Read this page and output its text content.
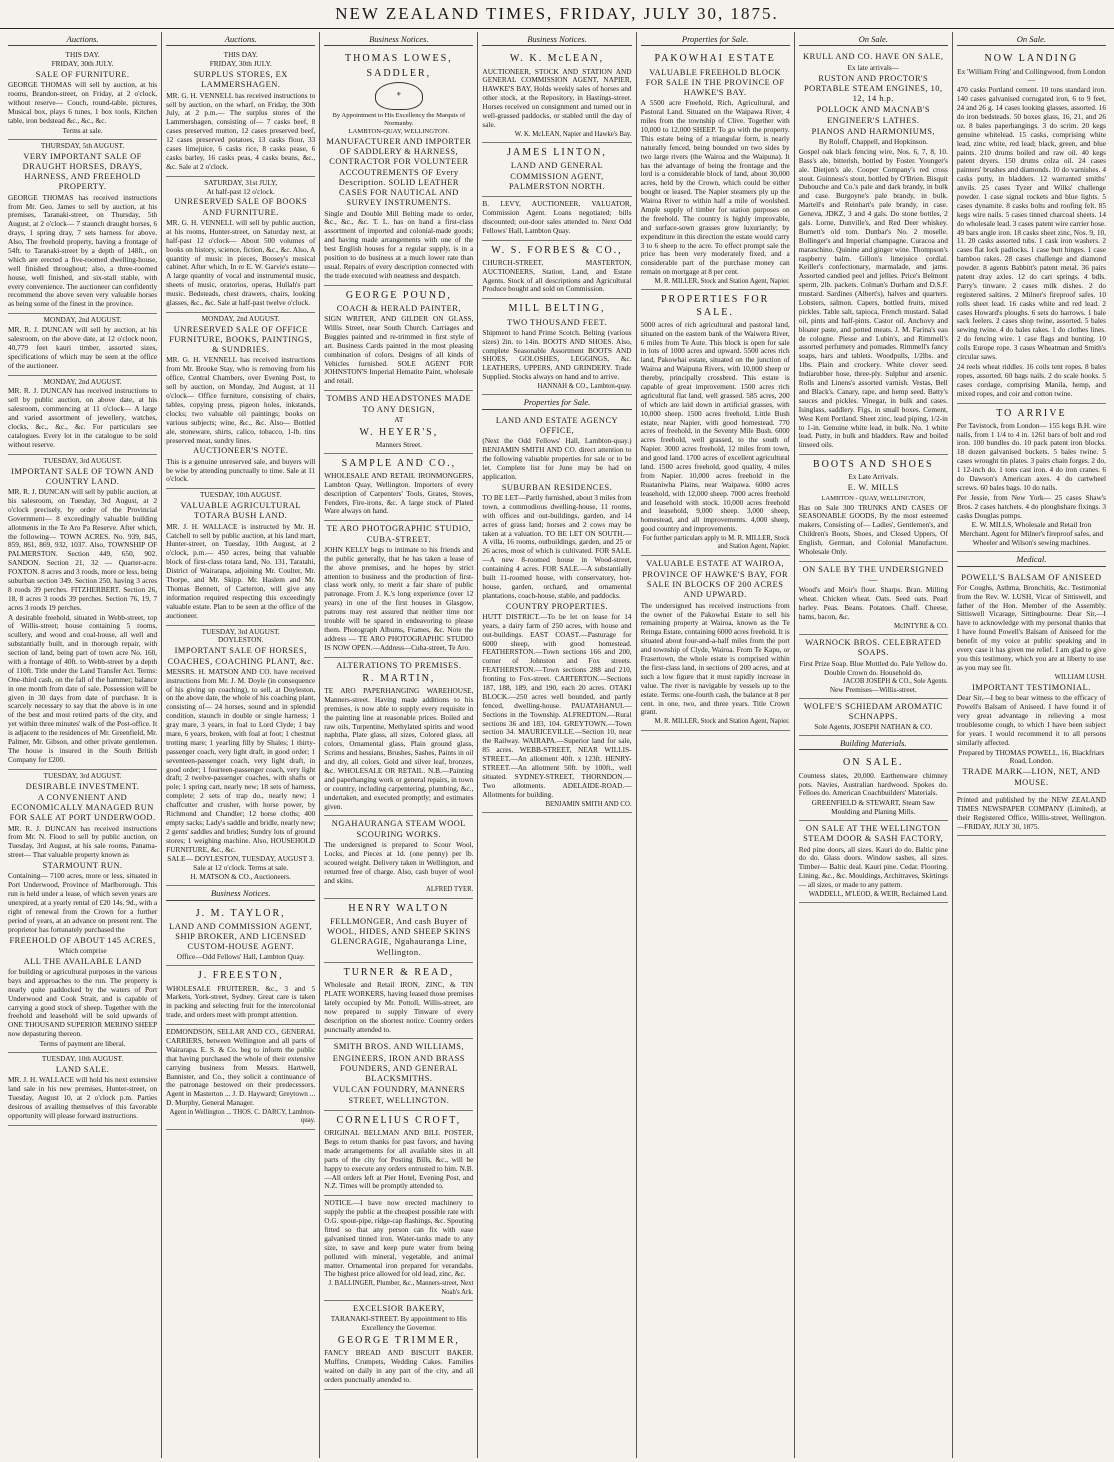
NEW ZEALAND TIMES, FRIDAY, JULY 30, 1875.
Auctions.
THIS DAY.
FRIDAY, 30th JULY.
SALE OF FURNITURE.
GEORGE THOMAS will sell by auction, at his rooms, Brandon-street, on Friday, at 2 o'clock, without reserve— Couch, round-table, pictures, Musical box, plays 6 tunes, 1 box tools, Kitchen table, iron bedstead &c., &c., &c.
Terms at sale.
THURSDAY, 5th AUGUST.
VERY IMPORTANT SALE OF DRAUGHT HORSES, DRAYS, HARNESS, AND FREEHOLD PROPERTY.
GEORGE THOMAS has received instructions from Mr. Geo. James to sell by auction, at his premises, Taranaki-street, on Thursday, 5th August, at 2 o'clock— 7 staunch draught horses, 6 drays, 1 spring dray, 7 sets harness for above. Also, The freehold property, having a frontage of 54ft. to Taranaki-street by a depth of 148ft., on which are erected a five-roomed dwelling-house, well finished throughout; also, a three-roomed house, well finished, and six-stall stable, with every convenience. The auctioneer can confidently recommend the above seven very valuable horses as being some of the finest in the province.
MONDAY, 2nd AUGUST.
MR. R. J. DUNCAN will sell by auction, at his salesroom, on the above date, at 12 o'clock noon, 40,779 feet kauri timber, assorted sizes, specifications of which may be seen at the office of the auctioneer.
MONDAY, 2nd AUGUST.
MR. R. J. DUNCAN has received instructions to sell by public auction, on above date, at his salesroom, commencing at 11 o'clock— A large and varied assortment of jewellery, watches, clocks, &c., &c., &c. For particulars see catalogues. Every lot in the catalogue to be sold without reserve.
TUESDAY, 3rd AUGUST.
IMPORTANT SALE OF TOWN AND COUNTRY LAND.
MR. R. J. DUNCAN will sell by public auction, at his salesroom, on Tuesday, 3rd August, at 2 o'clock precisely, by order of the Provincial Government— 8 exceedingly valuable building allotments in the Te Aro Pa Reserve. After which, the following— TOWN ACRES. No. 939, 845, 859, 861, 869, 932, 1037. Also, TOWNSHIP OF PALMERSTON. Section 449, 650, 902. SANDON. Section 21, 32 — Quarter-acre. FOXTON. 8 acres and 3 roods, more or less, being suburban section 349. Section 250, having 3 acres 8 roods 39 perches. FITZHERBERT. Section 26, 18, 8 acres 3 roods 39 perches. Section 76, 19, 7 acres 3 roods 19 perches.
A desirable freehold, situated in Webb-street, top of Willis-street; house containing 5 rooms, scullery, and wood and coal-house, all well and substantially built, and in thorough repair, with section of land, being part of town acre No. 160, with a frontage of 40ft. to Webb-street by a depth of 110ft. Title under the Land Transfer Act. Terms: One-third cash, on the fall of the hammer; balance in one month from date of sale. Possession will be given in 30 days from date of purchase. It is scarcely necessary to say that the above is in one of the best and most retired parts of the city, and yet within three minutes' walk of the Post-office. It is adjacent to the residences of Mr. Greenfield, Mr. Palmer, Mr. Gibson, and other private gentlemen. The house is insured in the South British Company for £200.
TUESDAY, 3rd AUGUST.
DESIRABLE INVESTMENT.
A CONVENIENT AND ECONOMICALLY MANAGED RUN FOR SALE AT PORT UNDERWOOD.
MR. R. J. DUNCAN has received instructions from Mr. N. Flood to sell by public auction, on Tuesday, 3rd August, at his sale rooms, Panama-street— That valuable property known as
STARMOUNT RUN.
Containing— 7100 acres, more or less, situated in Port Underwood, Province of Marlborough. This run is held under a lease, of which seven years are unexpired, at a yearly rental of £20 14s. 9d., with a right of renewal from the Crown for a further period of years, at an advance on present rent. The proprietor has fortunately purchased the
FREEHOLD OF ABOUT 145 ACRES,
Which comprise
ALL THE AVAILABLE LAND
for building or agricultural purposes in the various bays and approaches to the run. The property is nearly quite paddocked by the waters of Port Underwood and Cook Strait, and is capable of carrying a good stock of sheep. Together with the freehold and leasehold will be sold upwards of ONE THOUSAND SUPERIOR MERINO SHEEP now depasturing thereon.
Terms of payment are liberal.
TUESDAY, 10th AUGUST.
LAND SALE.
MR. J. H. WALLACE will hold his next extensive land sale in his new premises, Hunter-street, on Tuesday, August 10, at 2 o'clock p.m. Parties desirous of availing themselves of this favorable opportunity will please forward instructions.
Auctions.
THIS DAY.
FRIDAY, 30th JULY.
SURPLUS STORES, EX LAMMERSHAGEN.
MR. G. H. VENNELL has received instructions to sell by auction, on the wharf, on Friday, the 30th July, at 2 p.m.— The surplus stores of the Lammershagen, consisting of— 7 casks beef, 8 cases preserved mutton, 12 cases preserved beef, 12 cases preserved potatoes, 13 casks flour, 33 cases limejuice, 6 casks rice, 8 casks pease, 6 casks barley, 16 casks peas, 4 casks beans, &c., &c. Sale at 2 o'clock.
SATURDAY, 31st JULY,
At half-past 12 o'clock.
UNRESERVED SALE OF BOOKS AND FURNITURE.
MR. G. H. VENNELL will sell by public auction, at his rooms, Hunter-street, on Saturday next, at half-past 12 o'clock— About 500 volumes of books on history, science, fiction, &c., &c. Also, A quantity of music in pieces, Boosey's musical cabinet. After which, In re E. W. Garvie's estate— A large quantity of vocal and instrumental music, sheets of music, oratorios, operas, Hullah's part music. Bedsteads, chest drawers, chairs, looking glasses, &c., &c. Sale at half-past twelve o'clock.
MONDAY, 2nd AUGUST.
UNRESERVED SALE OF OFFICE FURNITURE, BOOKS, PAINTINGS, & SUNDRIES.
MR. G. H. VENNELL has received instructions from Mr. Brooke Stay, who is removing from his office, Central Chambers, over Evening Post, to sell by auction, on Monday, 2nd August, at 11 o'clock— Office furniture, consisting of chairs, tables, copying press, pigeon holes, inkstands, clocks; two valuable oil paintings; books on various subjects; wine, &c., &c. Also— Bottled ale, stoneware, shirts, calico, tobacco, 1-lb. tins preserved meat, sundry lines.
AUCTIONEER'S NOTE.
This is a genuine unreserved sale, and buyers will be wise by attending punctually to time. Sale at 11 o'clock.
TUESDAY, 10th AUGUST.
VALUABLE AGRICULTURAL TOTARA BUSH LAND.
MR. J. H. WALLACE is instructed by Mr. H. Catchell to sell by public auction, at his land mart, Hunter-street, on Tuesday, 10th August, at 2 o'clock, p.m.— 450 acres, being that valuable block of first-class totara land, No. 131, Taratahi, District of Wairarapa, adjoining Mr. Coulter, Mr. Thorpe, and Mr. Skipp. Mr. Haslem and Mr. Thomas Bennett, of Carterton, will give any information required respecting this exceedingly valuable estate. Plan to be seen at the office of the auctioneer.
TUESDAY, 3rd AUGUST.
DOYLESTON.
IMPORTANT SALE OF HORSES, COACHES, COACHING PLANT, &c.
MESSRS. H. MATSON AND CO. have received instructions from Mr. J. M. Doyle (in consequence of his giving up coaching), to sell, at Doyleston, on the above date, the whole of his coaching plant, consisting of— 24 horses, sound and in splendid condition, staunch in double or single harness; 1 gray mare, 3 years, in foal to Lord Clyde; 1 bay mare, 6 years, broken, with foal at foot; 1 chestnut trotting mare; 1 yearling filly by Shales; 1 thirty-passenger coach, very light draft, in good order; 1 seventeen-passenger coach, very light draft, in good order; 1 fourteen-passenger coach, very light draft; 2 twelve-passenger coaches, with shafts or pole; 1 spring cart, nearly new; 18 sets of harness, complete; 2 sets of trap do., nearly new; 1 chaffcutter and crusher, with horse power, by Richmond and Chandler; 12 horse cloths; 400 empty sacks; Lady's saddle and bridle, nearly new; 2 gents' saddles and bridles; Sundry lots of ground stores; 1 weighing machine. Also, HOUSEHOLD FURNITURE, &c., &c.
SALE— DOYLESTON, TUESDAY, AUGUST 3. Sale at 12 o'clock. Terms at sale.
H. MATSON & CO., Auctioneers.
Business Notices.
J. M. TAYLOR,
LAND AND COMMISSION AGENT, SHIP BROKER, AND LICENSED CUSTOM-HOUSE AGENT.
Office—Odd Fellows' Hall, Lambton Quay.
J. FREESTON,
WHOLESALE FRUITERER, &c., 3 and 5 Markets, York-street, Sydney. Great care is taken in packing and selecting fruit for the intercolonial trade, and orders meet with prompt attention.
EDMONDSON, SELLAR AND CO., GENERAL CARRIERS, between Wellington and all parts of Wairarapa. E. S. & Co. beg to inform the public that having purchased the whole of their extensive carrying business from Messrs. Hartwell, Bannister, and Co., they solicit a continuance of the patronage bestowed on their predecessors. Agent in Masterton ... J. D. Hayward; Greytown ... D. Murphy, General Manager.
Agent in Wellington ... THOS. C. DARCY, Lambton-quay.
Business Notices.
THOMAS LOWES,
SADDLER,
⚜
By Appointment to His Excellency the Marquis of Normanby.
LAMBTON-QUAY, WELLINGTON.
MANUFACTURER AND IMPORTER OF SADDLERY & HARNESS, CONTRACTOR FOR VOLUNTEER ACCOUTREMENTS OF Every Description. SOLID LEATHER CASES FOR NAUTICAL AND SURVEY INSTRUMENTS.
Single and Double Mill Belting made to order, &c., &c., &c. T. L. has on hand a first-class assortment of imported and colonial-made goods; and having made arrangements with one of the best English houses for a regular supply, is in a position to do business at a much lower rate than usual. Repairs of every description connected with the trade executed with neatness and despatch.
GEORGE POUND,
COACH & HERALD PAINTER,
SIGN WRITER, AND GILDER ON GLASS, Willis Street, near South Church. Carriages and Buggies painted and re-trimmed in first style of art. Business Cards painted in the most pleasing combination of colors. Designs of all kinds of Vehicles furnished. SOLE AGENT FOR JOHNSTON'S Imperial Hematite Paint, wholesale and retail.
TOMBS AND HEADSTONES MADE TO ANY DESIGN,
AT
W. HEYER'S,
Manners Street.
SAMPLE AND CO.,
WHOLESALE AND RETAIL IRONMONGERS, Lambton Quay, Wellington. Importers of every description of Carpenters' Tools, Grates, Stoves, Fenders, Fire-irons, &c. A large stock of Plated Ware always on hand.
TE ARO PHOTOGRAPHIC STUDIO, CUBA-STREET.
JOHN KELLY begs to intimate to his friends and the public generally, that he has taken a lease of the above premises, and he hopes by strict attention to business and the production of first-class work only, to merit a fair share of public patronage. From J. K.'s long experience (over 12 years) in one of the first houses in Glasgow, patrons may rest assured that neither time nor trouble will be spared in endeavoring to please them. Photograph Albums, Frames, &c. Note the address — TE ARO PHOTOGRAPHIC STUDIO IS NOW OPEN.—Address—Cuba-street, Te Aro.
ALTERATIONS TO PREMISES.
R. MARTIN,
TE ARO PAPERHANGING WAREHOUSE, Manners-street. Having made additions to his premises, is now able to supply every requisite in the painting line at reasonable prices. Boiled and raw oils, Turpentine, Methylated spirits and wood naphtha, Plate glass, all sizes, Colored glass, all colors, Ornamental glass, Plain ground glass, Scrims and hessians, Brushes, Sashes, Paints in oil and dry, all colors, Gold and silver leaf, bronzes, &c. WHOLESALE OR RETAIL. N.B.—Painting and paperhanging work or general repairs, in town or country, including carpentering, plumbing, &c., undertaken, and executed promptly; and estimates given.
NGAHAURANGA STEAM WOOL SCOURING WORKS.
The undersigned is prepared to Scour Wool, Locks, and Pieces at 1d. (one penny) per lb. scoured weight. Delivery taken in Wellington, and returned free of charge. Also, cash buyer of wool and skins.
ALFRED TYER.
HENRY WALTON
FELLMONGER, And cash Buyer of WOOL, HIDES, AND SHEEP SKINS GLENCRAGIE, Ngahauranga Line, Wellington.
TURNER & READ,
Wholesale and Retail IRON, ZINC, & TIN PLATE WORKERS, having leased those premises lately occupied by Mr. Pottoll, Willis-street, are now prepared to supply Tinware of every description on the shortest notice. Country orders punctually attended to.
SMITH BROS. AND WILLIAMS,
ENGINEERS, IRON AND BRASS FOUNDERS, AND GENERAL BLACKSMITHS.
VULCAN FOUNDRY, MANNERS STREET, WELLINGTON.
CORNELIUS CROFT,
ORIGINAL BELLMAN AND BILL POSTER, Begs to return thanks for past favors, and having made arrangements for all available sites in all parts of the city for Posting Bills, &c., will be happy to execute any orders entrusted to him. N.B.—All orders left at Pier Hotel, Evening Post, and N.Z. Times will be promptly attended to.
NOTICE.—I have now erected machinery to supply the public at the cheapest possible rate with O.G. spout-pipe, ridge-cap flashings, &c. Spouting fitted so that any person can fix with ease galvanised tinned iron. Water-tanks made to any size, to save and keep pure water from being polluted with mineral, vegetable, and animal matter. Ornamental iron prepared for verandahs. The highest price allowed for old lead, zinc, &c.
J. BALLINGER, Plumber, &c., Manners-street, Next Noah's Ark.
EXCELSIOR BAKERY,
TARANAKI-STREET. By appointment to His Excellency the Governor.
GEORGE TRIMMER,
FANCY BREAD AND BISCUIT BAKER. Muffins, Crumpets, Wedding Cakes. Families waited on daily in any part of the city, and all orders punctually attended to.
Business Notices.
W. K. McLEAN,
AUCTIONEER, STOCK AND STATION AND GENERAL COMMISSION AGENT, NAPIER, HAWKE'S BAY, Holds weekly sales of horses and other stock, at the Repository, in Hastings-street. Horses received on consignment and turned out in well-grassed paddocks, or stabled until the day of sale.
W. K. McLEAN, Napier and Hawke's Bay.
JAMES LINTON,
LAND AND GENERAL COMMISSION AGENT, PALMERSTON NORTH.
B. LEVY, AUCTIONEER, VALUATOR, Commission Agent. Loans negotiated; bills discounted; out-door sales attended to. Next Odd Fellows' Hall, Lambton Quay.
W. S. FORBES & CO.,
CHURCH-STREET, MASTERTON, AUCTIONEERS, Station, Land, and Estate Agents. Stock of all descriptions and Agricultural Produce bought and sold on Commission.
MILL BELTING,
TWO THOUSAND FEET.
Shipment to hand Prime Scotch. Belting (various sizes) 2in. to 14in. BOOTS AND SHOES. Also, complete Seasonable Assortment BOOTS AND SHOES, GOLOSHES, LEGGINGS, &c. LEATHERS, UPPERS, AND GRINDERY. Trade Supplied. Stocks always on hand and to arrive.
HANNAH & CO., Lambton-quay.
Properties for Sale.
LAND AND ESTATE AGENCY OFFICE,
(Next the Odd Fellows' Hall, Lambton-quay.) BENJAMIN SMITH AND CO. direct attention to the following valuable properties for sale or to be let. Complete list for June may be had on application.
SUBURBAN RESIDENCES.
TO BE LET—Partly furnished, about 3 miles from town, a commodious dwelling-house, 11 rooms, with offices and out-buildings, garden, and 14 acres of grass land; horses and 2 cows may be taken at a valuation. TO BE LET ON SOUTH.—A villa, 16 rooms, outbuildings, garden, and 25 or 26 acres, most of which is cultivated. FOR SALE.—A new 8-roomed house in Wood-street, containing 4 acres. FOR SALE.—A substantially built 11-roomed house, with conservatory, hot-house, garden, orchard, and ornamental plantations, coach-house, stable, and paddocks.
COUNTRY PROPERTIES.
HUTT DISTRICT.—To be let on lease for 14 years, a dairy farm of 250 acres, with house and out-buildings. EAST COAST.—Pasturage for 6000 sheep, with good homestead. FEATHERSTON.—Town sections 166 and 200, corner of Johnston and Fox streets. FEATHERSTON.—Town sections 288 and 210, fronting to Fox-street. CARTERTON.—Sections 187, 188, 189, and 190, each 20 acres. OTAKI BLOCK.—250 acres well bounded, and partly fenced, dwelling-house. PAUATAHANUI.—Sections in the Township. ALFREDTON.—Rural sections 36 and 183, 104. GREYTOWN.—Town section 34. MAURICEVILLE.—Section 10, near the Railway. WAIRAPA.—Superior land for sale, 85 acres. WEBB-STREET, NEAR WILLIS-STREET.—An allotment 40ft. x 123ft. HENRY-STREET.—An allotment 50ft. by 100ft., well situated. SYDNEY-STREET, THORNDON.—Two allotments. ADELAIDE-ROAD.—Allotments for building.
BENJAMIN SMITH AND CO.
Properties for Sale.
PAKOWHAI ESTATE
VALUABLE FREEHOLD BLOCK FOR SALE IN THE PROVINCE OF HAWKE'S BAY.
A 5500 acre Freehold, Rich, Agricultural, and Pastoral Land. Situated on the Waipawa River, 4 miles from the township of Clive. Together with 10,000 to 12,000 SHEEP. To go with the property. This estate being of a triangular form, is nearly naturally fenced, being bounded on two sides by two large rivers (the Wairoa and the Waipuna). It has the advantage of being the frontage and the lord is a considerable block of land, about 30,000 acres, held by the Crown, which could be either bought or leased. The Napier steamers ply up the Wairoa River to within half a mile of woolshed. Ample supply of timber for station purposes on the freehold. The country is highly improvable, and surface-sown grasses grow luxuriantly; by expenditure in this direction the estate would carry 3 to 6 sheep to the acre. To effect prompt sale the price has been very moderately fixed, and a considerable part of the purchase money can remain on mortgage at 8 per cent.
M. R. MILLER, Stock and Station Agent, Napier.
PROPERTIES FOR SALE.
5000 acres of rich agricultural and pastoral land, situated on the eastern bank of the Waiwera River, 6 miles from Te Aute. This block is open for sale in lots of 1000 acres and upward. 5500 acres rich land, Pakowhai estate, situated on the junction of Wairoa and Waipuna Rivers, with 10,000 sheep or thereby, principally crossbred. This estate is capable of great improvement. 1500 acres rich agricultural flat land, well grassed. 585 acres, 200 of which are laid down in artificial grasses, with 10,000 sheep. 1500 acres freehold, Little Bush estate, near Napier, with good homestead. 770 acres of freehold, in the Seventy Mile Bush. 6000 acres freehold, well grassed, to the south of Napier. 3000 acres freehold, 12 miles from town, and good land. 1700 acres of excellent agricultural land. 1500 acres freehold, good quality, 4 miles from Napier. 10,000 acres freehold in the Ruataniwha Plains, near Waipawa. 6000 acres leasehold, with 12,000 sheep. 7000 acres freehold and leasehold with stock. 10,000 acres freehold and leasehold, 9,000 sheep. 3,000 sheep, homestead, and all improvements. 4,000 sheep, good country and improvements.
For further particulars apply to M. R. MILLER, Stock and Station Agent, Napier.
VALUABLE ESTATE AT WAIROA,
PROVINCE OF HAWKE'S BAY, FOR SALE IN BLOCKS OF 200 ACRES AND UPWARD.
The undersigned has received instructions from the owner of the Pakowhai Estate to sell his remaining property at Wairoa, known as the Te Reinga Estate, containing 6000 acres freehold. It is situated about four-and-a-half miles from the port and township of Clyde, Wairoa. From Te Kapu, or Frasertown, the whole estate is comprised within the first-class land, in sections of 200 acres, and at such a low figure that it must rapidly increase in value. The river is navigable by vessels up to the estate. Terms: one-fourth cash, the balance at 8 per cent. in one, two, and three years. Title Crown grant.
M. R. MILLER, Stock and Station Agent, Napier.
On Sale.
KRULL AND CO. HAVE ON SALE,
Ex late arrivals—
RUSTON AND PROCTOR'S PORTABLE STEAM ENGINES, 10, 12, 14 h.p.
POLLOCK AND MACNAB'S ENGINEER'S LATHES.
PIANOS AND HARMONIUMS,
By Roloff, Chappell, and Hopkinson.
Gospel oak black fencing wire, Nos. 6, 7, 8, 10. Bass's ale, bitterish, bottled by Foster. Younger's ale. Dietjen's ale. Cooper Company's red cross stout. Guinness's stout, bottled by O'Brien. Bisquit Dubouche and Co.'s pale and dark brandy, in bulk and case. Burgoyne's pale brandy, in bulk. Martell's and Reinhart's pale brandy, in case. Geneva, JDKZ, 3 and 4 gals. Do stone bottles, 2 gals. Lorne, Dunville's, and Red Deer whiskey. Burnett's old tom. Dunbar's No. 2 moselle. Bollinger's and Imperial champagne. Curacoa and maraschino. Quinine and ginger wine. Thompson's raspberry balm. Gillon's limejuice cordial. Keiller's confectionary, marmalade, and jams. Assorted candied peel and jellies. Price's Belmont sperm, 2lb. packets. Colman's Durham and D.S.F. mustard. Sardines (Albert's), halves and quarters. Lobsters, salmon. Capers, bottled fruits, mixed pickles. Table salt, tapioca, French mustard. Salad oil, pints and half-pints. Castor oil. Anchovy and bloater paste, and potted meats. J. M. Farina's eau de cologne. Piesse and Lubin's, and Rimmell's assorted perfumery and pomades. Rimmell's fancy soaps, bars and tablets. Woodpulls, 1/2lbs. and 1lbs. Plain and crockery. White clover seed. Indiarubber hose, three-ply. Sulphur and arsenic. Rolls and Linens's assorted varnish. Vestas, Bell and Black's. Canary, rape, and hemp seed. Batty's sauces and pickles. Vinegar, in bulk and cases. Isinglass, saddlery. Figs, in small boxes. Cement, West Kent Portland. Sheet zinc, lead piping, 1/2-in to 1-in. Genuine white lead, in bulk. No. 1 white lead. Putty, in bulk and bladders. Raw and boiled linseed oils.
BOOTS AND SHOES
Ex Late Arrivals.
E. W. MILLS
LAMBTON - QUAY, WELLINGTON,
Has on Sale 300 TRUNKS AND CASES OF SEASONABLE GOODS, By the most esteemed makers, Consisting of— Ladies', Gentlemen's, and Children's Boots, Shoes, and Closed Uppers, Of English, German, and Colonial Manufacture. Wholesale Only.
ON SALE BY THE UNDERSIGNED—
Wood's and Moir's flour. Sharps. Bran. Milling wheat. Chicken wheat. Oats. Seed oats. Pearl barley. Peas. Beans. Potatoes. Chaff. Cheese, hams, bacon, &c.
McINTYRE & CO.
WARNOCK BROS. CELEBRATED SOAPS.
First Prize Soap. Blue Mottled do. Pale Yellow do. Double Crown do. Household do.
JACOB JOSEPH & CO., Sole Agents.
New Premises—Willis-street.
WOLFE'S SCHIEDAM AROMATIC SCHNAPPS.
Sole Agents, JOSEPH NATHAN & CO.
Building Materials.
ON SALE.
Countess slates, 20,000. Earthenware chimney pots. Navies, Australian hardwood. Spokes do. Felloes do. American Coachbuilders' Materials.
GREENFIELD & STEWART, Steam Saw Moulding and Planing Mills.
ON SALE AT THE WELLINGTON STEAM DOOR & SASH FACTORY,
Red pine doors, all sizes. Kauri do do. Baltic pine do do. Glass doors. Window sashes, all sizes. Timber— Baltic deal. Kauri pine. Cedar. Flooring. Lining, &c., &c. Mouldings, Architraves, Skirtings — all sizes, or made to any pattern.
WADDELL, M'LEOD, & WEIR, Reclaimed Land.
On Sale.
NOW LANDING
Ex 'William Fring' and Collingwood, from London—
470 casks Portland cement. 10 tons standard iron. 140 cases galvanised corrugated iron, 6 to 9 feet, 24 and 26 g. 14 cases looking glasses, assorted. 16 do iron bedsteads. 50 boxes glass, 16, 21, and 26 oz. 8 bales paperhangings. 3 do scrim. 20 kegs genuine whitelead. 15 casks, comprising white lead, zinc white, red lead; black, green, and blue paints. 210 drums boiled and raw oil. 40 kegs patent dryers. 150 drums colza oil. 24 cases painters' brushes and diamonds. 10 do varnishes. 4 casks putty, in bladders. 12 warranted smiths' anvils. 25 cases Tyzer and Wilks' challenge powder. 1 case signal rockets and blue lights. 5 cases dynamite. 8 casks bolts and roofing felt. 85 kegs wire nails. 5 cases tinned charcoal sheets. 14 do wholesale lead. 3 cases patent wire carrier hose. 49 bars angle iron. 18 casks sheet zinc, Nos. 9, 10, 11. 20 casks assorted tubs. 1 cask iron washers. 2 cases flat lock padlocks. 1 case butt hinges. 1 case bamboo rakes. 28 cases challenge and diamond powder. 8 agents Babbitt's patent metal. 36 pairs patent dray axles. 12 do cart springs. 4 bdls. Parry's tinware. 2 cases milk dishes. 2 do registered saltires. 2 Milner's fireproof safes. 10 rolls sheet lead. 16 casks white and red lead. 2 cases Howard's ploughs. 6 sets do harrows. 1 bale sack feelers. 2 cases shop twine, assorted. 5 bales sewing twine. 4 do bales rakes. 1 do clothes lines. 2 do fencing wire. 1 case flags and bunting. 10 coils Europe rope. 3 cases Wheatman and Smith's circular saws.
24 reels wheat riddles. 16 coils tent ropes. 8 bales ropes, assorted. 60 bags nails. 2 do scale hooks. 5 cases cordage, comprising Manila, hemp, and mixed ropes, and coir and cotton twine.
TO ARRIVE
Per Tavistock, from London— 155 kegs B.H. wire nails, from 1 1/4 to 4 in. 1261 bars of bolt and rod iron. 100 bundles do. 10 pack patent iron blocks. 18 dozen galvanised buckets. 5 bales twine. 5 cases wrought tin plates. 3 pairs chain forges. 2 do, 1 12-inch do. 1 tons cast iron. 4 do iron cranes. 6 do Dawson's American axes. 4 do cartwheel screws. 60 bales bags. 10 do nails.
Per Jessie, from New York— 25 cases Shaw's Bros. 2 cases hatchets. 4 do ploughshare fixings. 3 casks Douglas pumps.
E. W. MILLS, Wholesale and Retail Iron Merchant. Agent for Milner's fireproof safes, and Wheeler and Wilson's sewing machines.
Medical.
POWELL'S BALSAM OF ANISEED
For Coughs, Asthma, Bronchitis, &c. Testimonial from the Rev. W. LUSH, Vicar of Sittiswell, and father of the Hon. Member of the Assembly. Sittiswell Vicarage, Sittingbourne. Dear Sir,—I have to acknowledge with my personal thanks that I have found Powell's Balsam of Aniseed for the benefit of my voice at public speaking and in every case it has given me relief. I am glad to give you this testimony, which you are at liberty to use as you may see fit.
WILLIAM LUSH.
IMPORTANT TESTIMONIAL.
Dear Sir,—I beg to bear witness to the efficacy of Powell's Balsam of Aniseed. I have found it of very great advantage in relieving a most troublesome cough, to which I have been subject for years. I would recommend it to all persons similarly affected.
Prepared by THOMAS POWELL, 16, Blackfriars Road, London.
TRADE MARK—LION, NET, AND MOUSE.
Printed and published by the NEW ZEALAND TIMES NEWSPAPER COMPANY (Limited), at their Registered Office, Willis-street, Wellington.—FRIDAY, JULY 30, 1875.
